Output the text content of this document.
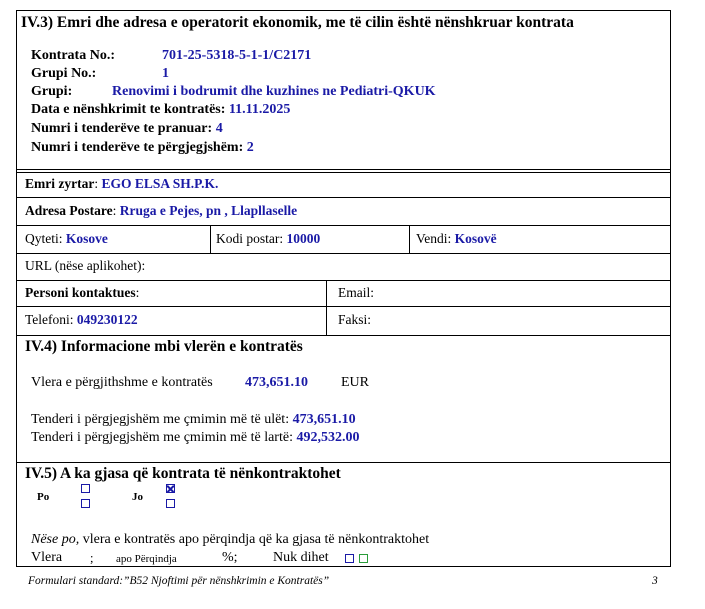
IV.3) Emri dhe adresa e operatorit ekonomik, me të cilin është nënshkruar kontrata
Kontrata No.:	701-25-5318-5-1-1/C2171
Grupi No.:	1
Grupi:	Renovimi i bodrumit dhe kuzhines ne Pediatri-QKUK
Data e nënshkrimit te kontratës: 11.11.2025
Numri i tenderëve te pranuar: 4
Numri i tenderëve te përgjegjshëm: 2
Emri zyrtar: EGO ELSA SH.P.K.
Adresa Postare: Rruga e Pejes, pn , Llapllaselle
Qyteti: Kosove	Kodi postar: 10000	Vendi: Kosovë
URL (nëse aplikohet):
Personi kontaktues:	Email:
Telefoni: 049230122	Faksi:
IV.4) Informacione mbi vlerën e kontratës
Vlera e përgjithshme e kontratës 473,651.10 EUR
Tenderi i përgjegjshëm me çmimin më të ulët: 473,651.10
Tenderi i përgjegjshëm me çmimin më të lartë: 492,532.00
IV.5) A ka gjasa që kontrata të nënkontraktohet
Po	Jo
Nëse po, vlera e kontratës apo përqindja që ka gjasa të nënkontraktohet
Vlera ; apo Përqindja	%;	Nuk dihet
Formulari standard:”B52 Njoftimi për nënshkrimin e Kontratës”	3
